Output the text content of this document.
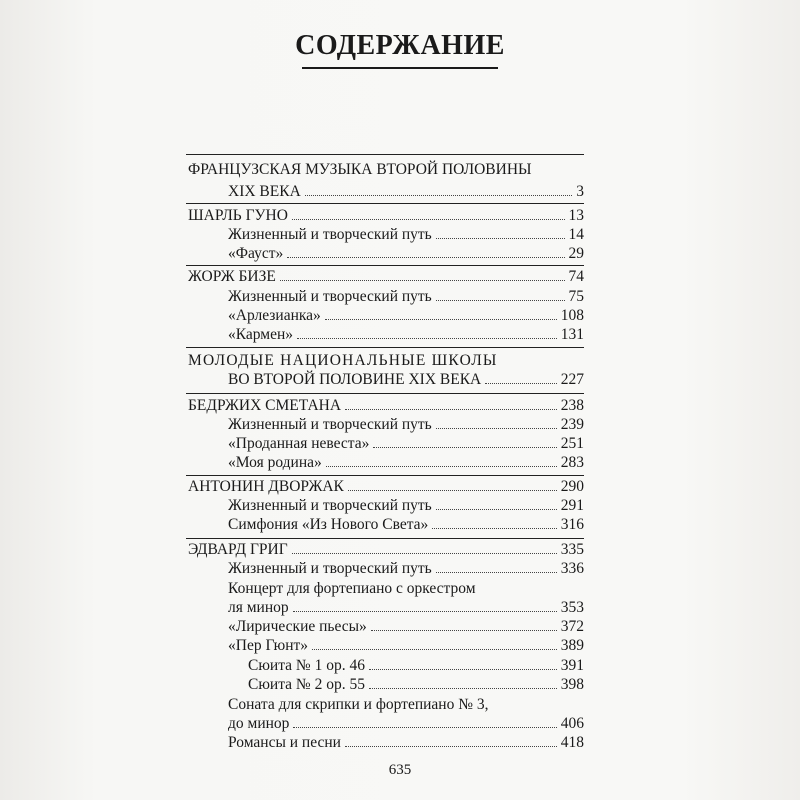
СОДЕРЖАНИЕ
ФРАНЦУЗСКАЯ МУЗЫКА ВТОРОЙ ПОЛОВИНЫ
XIX ВЕКА	3
ШАРЛЬ ГУНО	13
Жизненный и творческий путь	14
«Фауст»	29
ЖОРЖ БИЗЕ	74
Жизненный и творческий путь	75
«Арлезианка»	108
«Кармен»	131
МОЛОДЫЕ НАЦИОНАЛЬНЫЕ ШКОЛЫ
ВО ВТОРОЙ ПОЛОВИНЕ XIX ВЕКА	227
БЕДРЖИХ СМЕТАНА	238
Жизненный и творческий путь	239
«Проданная невеста»	251
«Моя родина»	283
АНТОНИН ДВОРЖАК	290
Жизненный и творческий путь	291
Симфония «Из Нового Света»	316
ЭДВАРД ГРИГ	335
Жизненный и творческий путь	336
Концерт для фортепиано с оркестром
ля минор	353
«Лирические пьесы»	372
«Пер Гюнт»	389
Сюита № 1 ор. 46	391
Сюита № 2 ор. 55	398
Соната для скрипки и фортепиано № 3,
до минор	406
Романсы и песни	418
635
